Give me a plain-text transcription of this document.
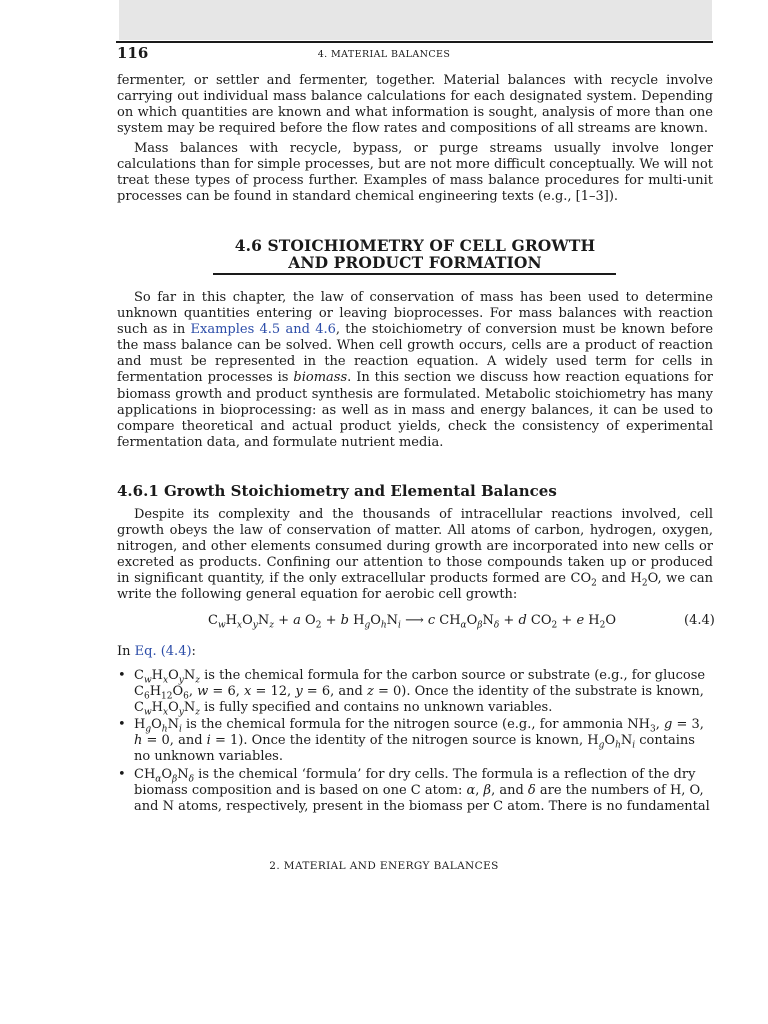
116	4. MATERIAL BALANCES

fermenter, or settler and fermenter, together. Material balances with recycle involve carrying out individual mass balance calculations for each designated system. Depending on which quantities are known and what information is sought, analysis of more than one system may be required before the flow rates and compositions of all streams are known.

Mass balances with recycle, bypass, or purge streams usually involve longer calculations than for simple processes, but are not more difficult conceptually. We will not treat these types of process further. Examples of mass balance procedures for multi-unit processes can be found in standard chemical engineering texts (e.g., [1–3]).

4.6 STOICHIOMETRY OF CELL GROWTH
AND PRODUCT FORMATION

So far in this chapter, the law of conservation of mass has been used to determine unknown quantities entering or leaving bioprocesses. For mass balances with reaction such as in Examples 4.5 and 4.6, the stoichiometry of conversion must be known before the mass balance can be solved. When cell growth occurs, cells are a product of reaction and must be represented in the reaction equation. A widely used term for cells in fermentation processes is biomass. In this section we discuss how reaction equations for biomass growth and product synthesis are formulated. Metabolic stoichiometry has many applications in bioprocessing: as well as in mass and energy balances, it can be used to compare theoretical and actual product yields, check the consistency of experimental fermentation data, and formulate nutrient media.

4.6.1 Growth Stoichiometry and Elemental Balances

Despite its complexity and the thousands of intracellular reactions involved, cell growth obeys the law of conservation of matter. All atoms of carbon, hydrogen, oxygen, nitrogen, and other elements consumed during growth are incorporated into new cells or excreted as products. Confining our attention to those compounds taken up or produced in significant quantity, if the only extracellular products formed are $CO_2$ and $H_2O$, we can write the following general equation for aerobic cell growth:

$C_wH_xO_yN_z + a$ $O_2 + b$ $H_gO_hN_i$ ⟶ c $CH_\alpha O_\beta N_\delta + d$ $CO_2 + e$ $H_2O$	(4.4)
In Eq. (4.4):
• $C_wH_xO_yN_z$ is the chemical formula for the carbon source or substrate (e.g., for glucose $C_6H_{12}O_6$, w = 6, x = 12, y = 6, and z = 0). Once the identity of the substrate is known, $C_wH_xO_yN_z$ is fully specified and contains no unknown variables.
• $H_gO_hN_i$ is the chemical formula for the nitrogen source (e.g., for ammonia $NH_3$, g = 3, h = 0, and i = 1). Once the identity of the nitrogen source is known, $H_gO_hN_i$ contains no unknown variables.
• $CH_\alpha O_\beta N_\delta$ is the chemical ‘formula’ for dry cells. The formula is a reflection of the dry biomass composition and is based on one C atom: α, β, and δ are the numbers of H, O, and N atoms, respectively, present in the biomass per C atom. There is no fundamental
2. MATERIAL AND ENERGY BALANCES
